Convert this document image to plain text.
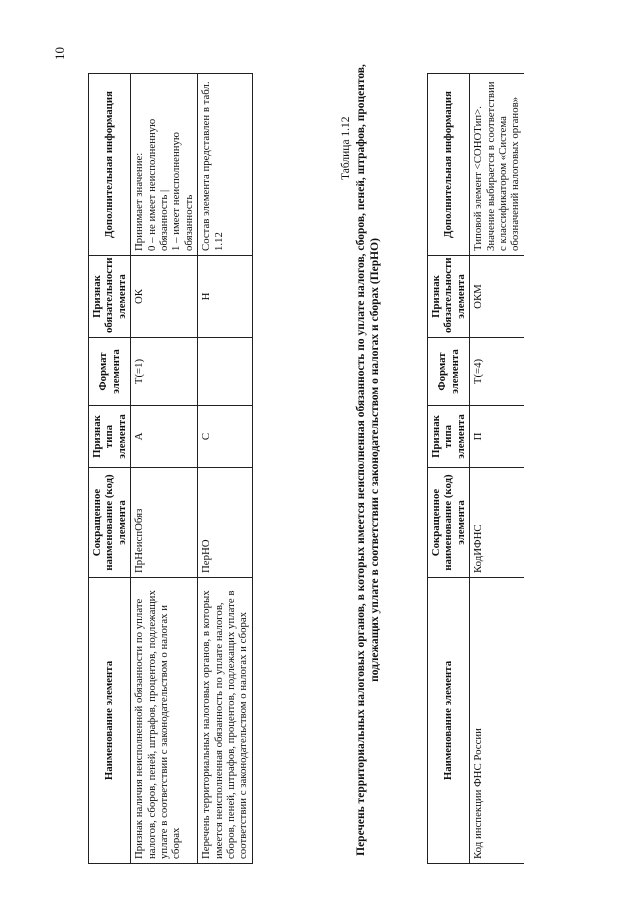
10
Наименование элемента	Сокращенное наименование (код) элемента	Признак типа элемента	Формат элемента	Признак обязательности элемента	Дополнительная информация
Признак наличия неисполненной обязанности по уплате налогов, сборов, пеней, штрафов, процентов, подлежащих уплате в соответствии с законодательством о налогах и сборах	ПрНеиспОбяз	А	Т(=1)	ОК	Принимает значение:
0 – не имеет неисполненную обязанность |
1 – имеет неисполненную обязанность
Перечень территориальных налоговых органов, в которых имеется неисполненная обязанность по уплате налогов, сборов, пеней, штрафов, процентов, подлежащих уплате в соответствии с законодательством о налогах и сборах	ПерНО	С		Н	Состав элемента представлен в табл. 1.12
Таблица 1.12 Перечень территориальных налоговых органов, в которых имеется неисполненная обязанность по уплате налогов, сборов, пеней, штрафов, процентов, подлежащих уплате в соответствии с законодательством о налогах и сборах (ПерНО)
Наименование элемента	Сокращенное наименование (код) элемента	Признак типа элемента	Формат элемента	Признак обязательности элемента	Дополнительная информация
Код инспекции ФНС России	КодИФНС	П	Т(=4)	ОКМ	Типовой элемент <СОНОТип>.
Значение выбирается в соответствии с классификатором «Система обозначений налоговых органов»
